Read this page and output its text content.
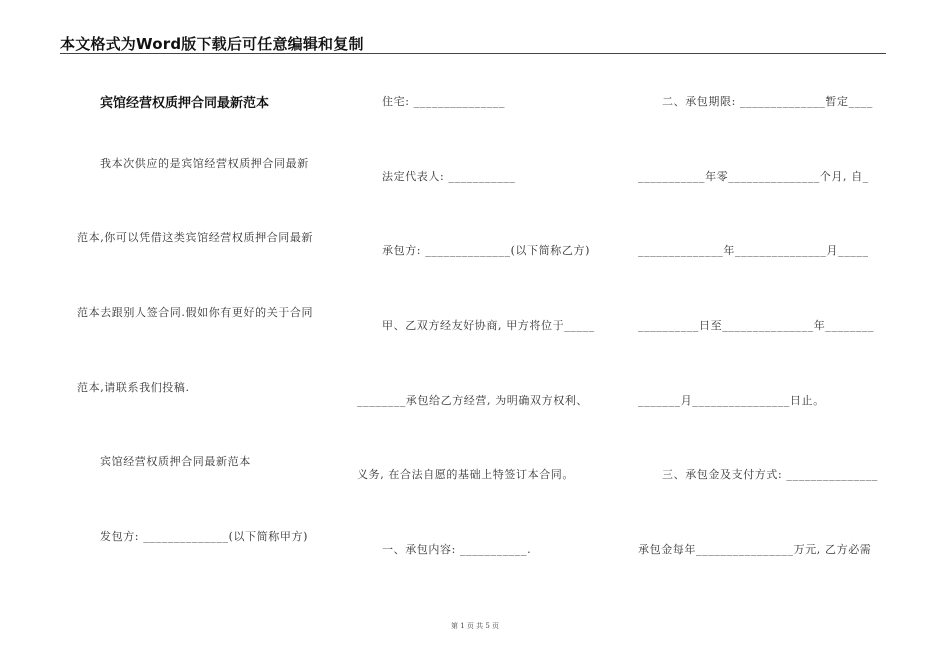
本文格式为Word版下载后可任意编辑和复制
宾馆经营权质押合同最新范本
我本次供应的是宾馆经营权质押合同最新
范本,你可以凭借这类宾馆经营权质押合同最新
范本去跟别人签合同.假如你有更好的关于合同
范本,请联系我们投稿.
宾馆经营权质押合同最新范本
发包方: ______________(以下简称甲方)
住宅: _______________
法定代表人: ___________
承包方: ______________(以下简称乙方)
甲、乙双方经友好协商, 甲方将位于_____
________承包给乙方经营, 为明确双方权利、
义务, 在合法自愿的基础上特签订本合同。
一、承包内容: ___________.
二、承包期限: ______________暂定____
___________年零_______________个月, 自_
______________年_______________月_____
__________日至_______________年________
_______月________________日止。
三、承包金及支付方式: _______________
承包金每年________________万元, 乙方必需
第 1 页 共 5 页
